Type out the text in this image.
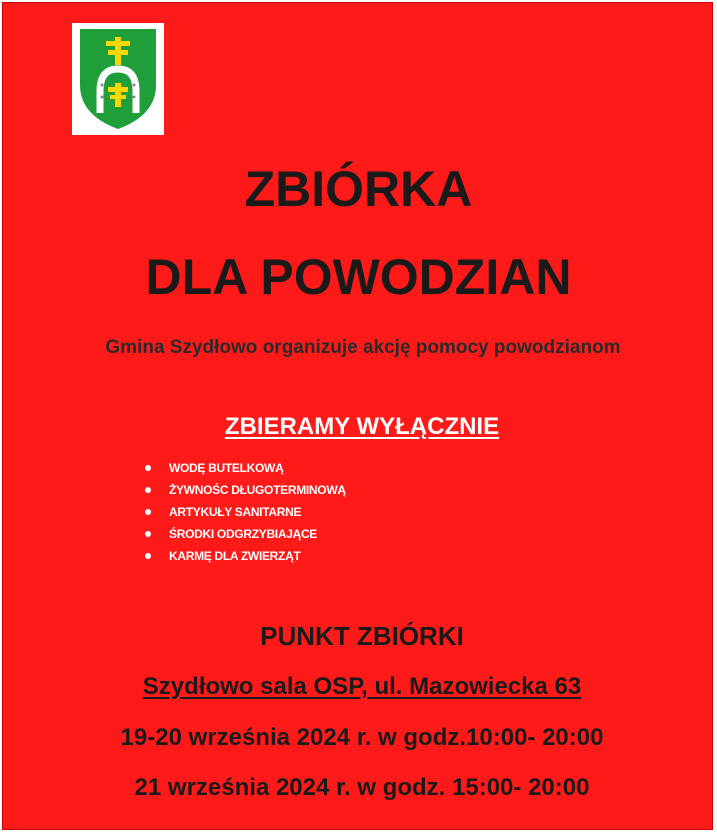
ZBIÓRKA
DLA POWODZIAN
Gmina Szydłowo organizuje akcję pomocy powodzianom
ZBIERAMY WYŁĄCZNIE
WODĘ BUTELKOWĄ
ŻYWNOŚC DŁUGOTERMINOWĄ
ARTYKUŁY SANITARNE
ŚRODKI ODGRZYBIAJĄCE
KARMĘ DLA ZWIERZĄT
PUNKT ZBIÓRKI
Szydłowo sala OSP, ul. Mazowiecka 63
19-20 września 2024 r. w godz.10:00- 20:00
21 września 2024 r. w godz. 15:00- 20:00
